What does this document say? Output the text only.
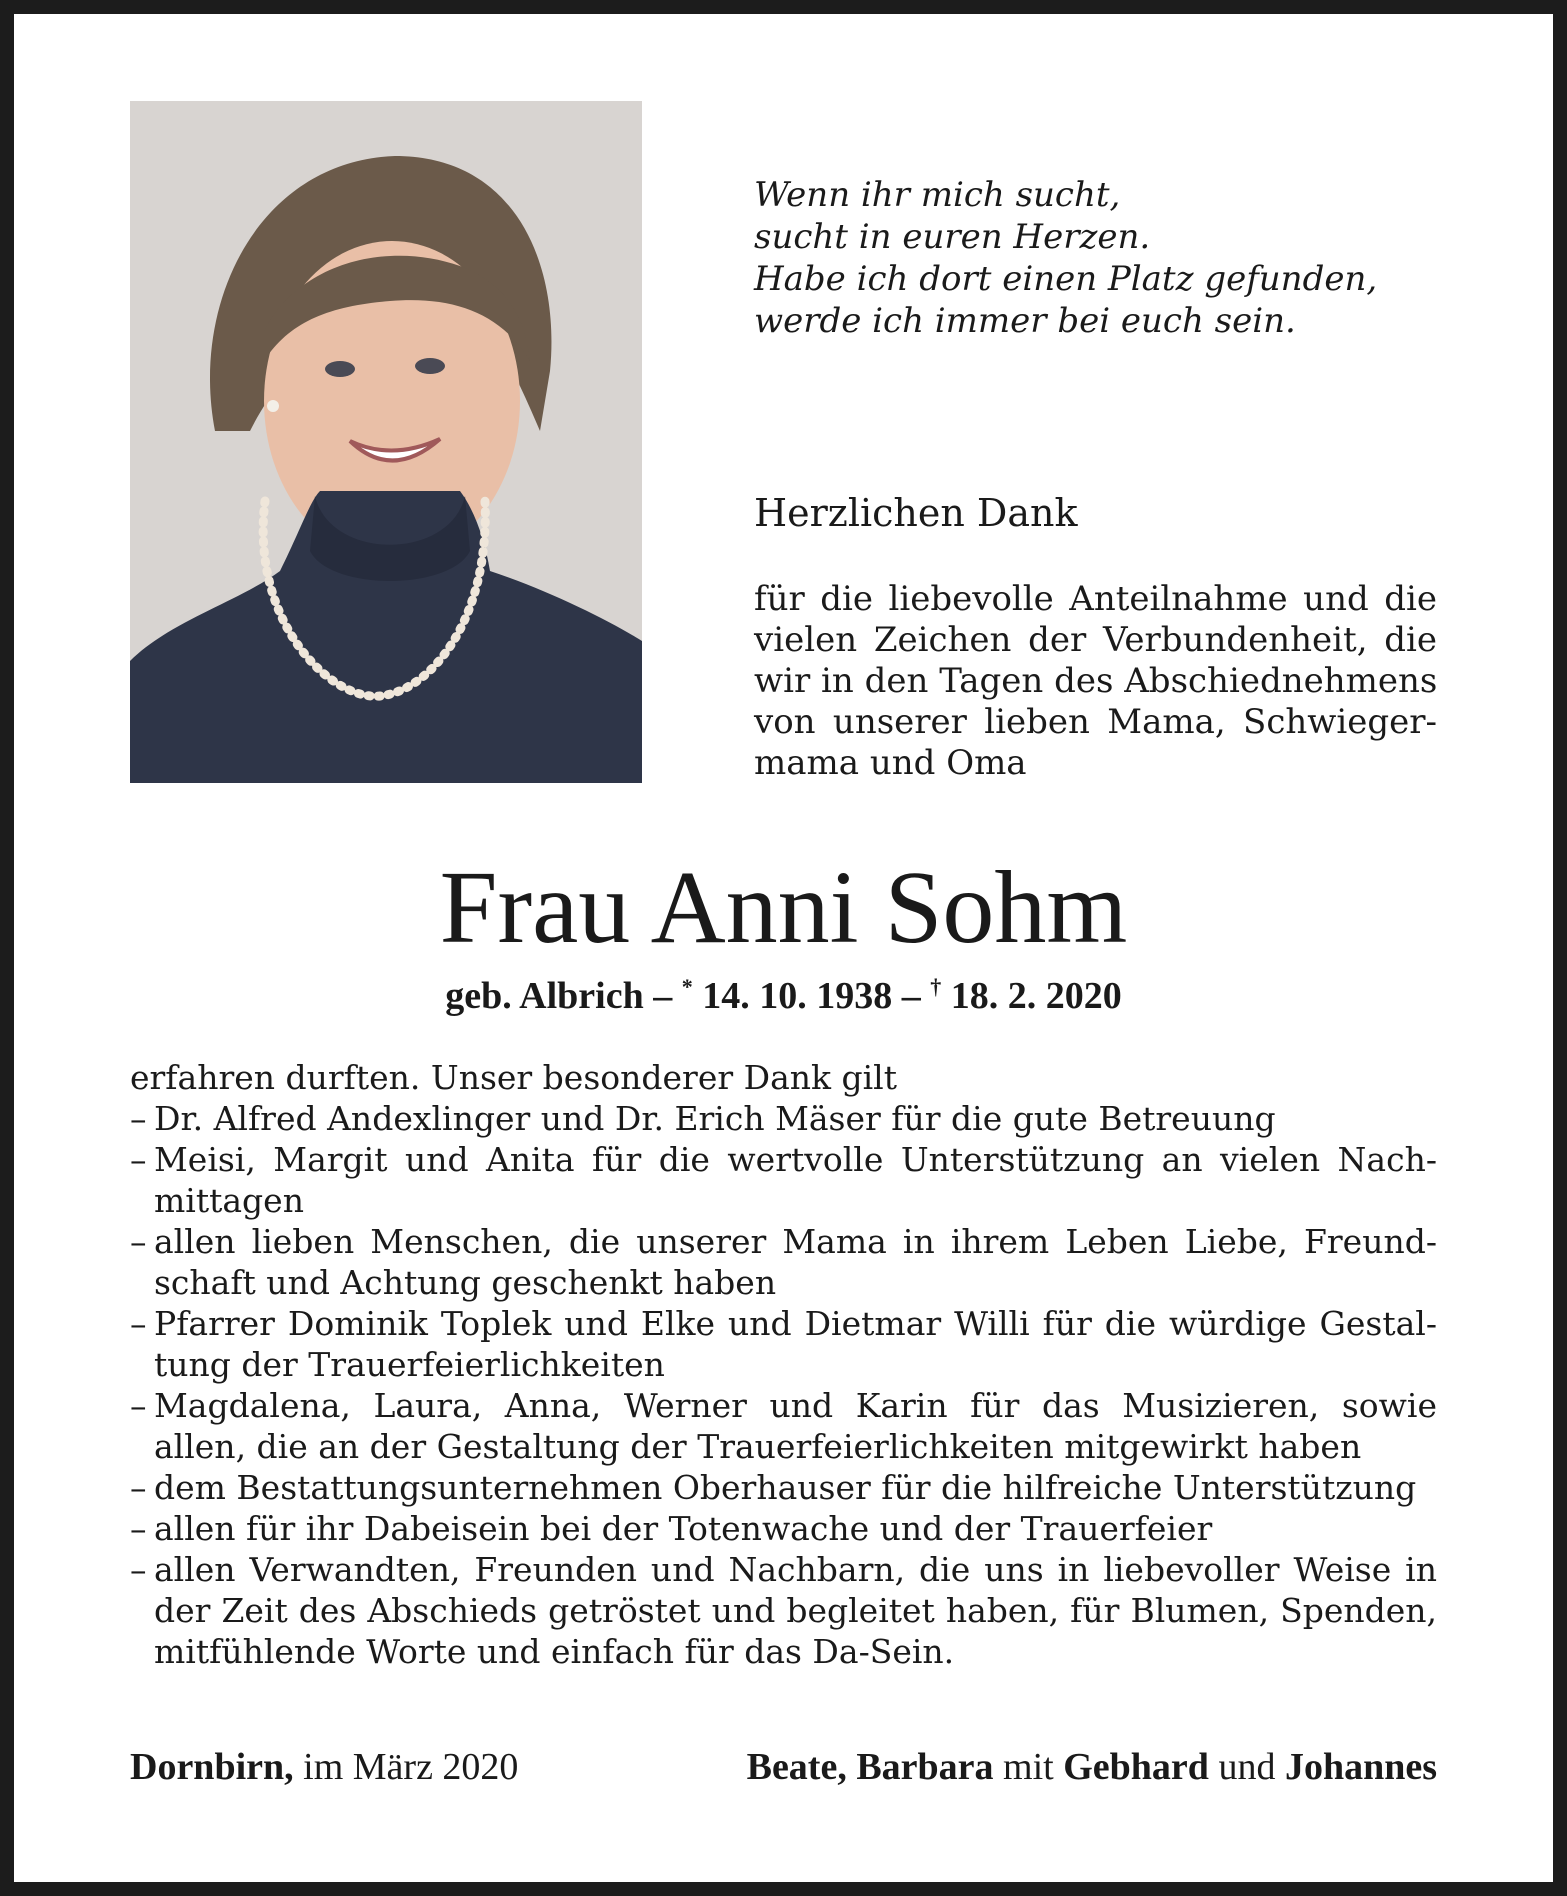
Wenn ihr mich sucht,
sucht in euren Herzen.
Habe ich dort einen Platz gefunden,
werde ich immer bei euch sein.
Herzlichen Dank
für die liebevolle Anteilnahme und die
vielen Zeichen der Verbundenheit, die
wir in den Tagen des Abschiednehmens
von unserer lieben Mama, Schwieger-
mama und Oma
Frau Anni Sohm
geb. Albrich – * 14. 10. 1938 – † 18. 2. 2020
erfahren durften. Unser besonderer Dank gilt
– Dr. Alfred Andexlinger und Dr. Erich Mäser für die gute Betreuung
– Meisi, Margit und Anita für die wertvolle Unterstützung an vielen Nach-
mittagen
– allen lieben Menschen, die unserer Mama in ihrem Leben Liebe, Freund-
schaft und Achtung geschenkt haben
– Pfarrer Dominik Toplek und Elke und Dietmar Willi für die würdige Gestal-
tung der Trauerfeierlichkeiten
– Magdalena, Laura, Anna, Werner und Karin für das Musizieren, sowie
allen, die an der Gestaltung der Trauerfeierlichkeiten mitgewirkt haben
– dem Bestattungsunternehmen Oberhauser für die hilfreiche Unterstützung
– allen für ihr Dabeisein bei der Totenwache und der Trauerfeier
– allen Verwandten, Freunden und Nachbarn, die uns in liebevoller Weise in
der Zeit des Abschieds getröstet und begleitet haben, für Blumen, Spenden,
mitfühlende Worte und einfach für das Da-Sein.
Dornbirn, im März 2020	Beate, Barbara mit Gebhard und Johannes
